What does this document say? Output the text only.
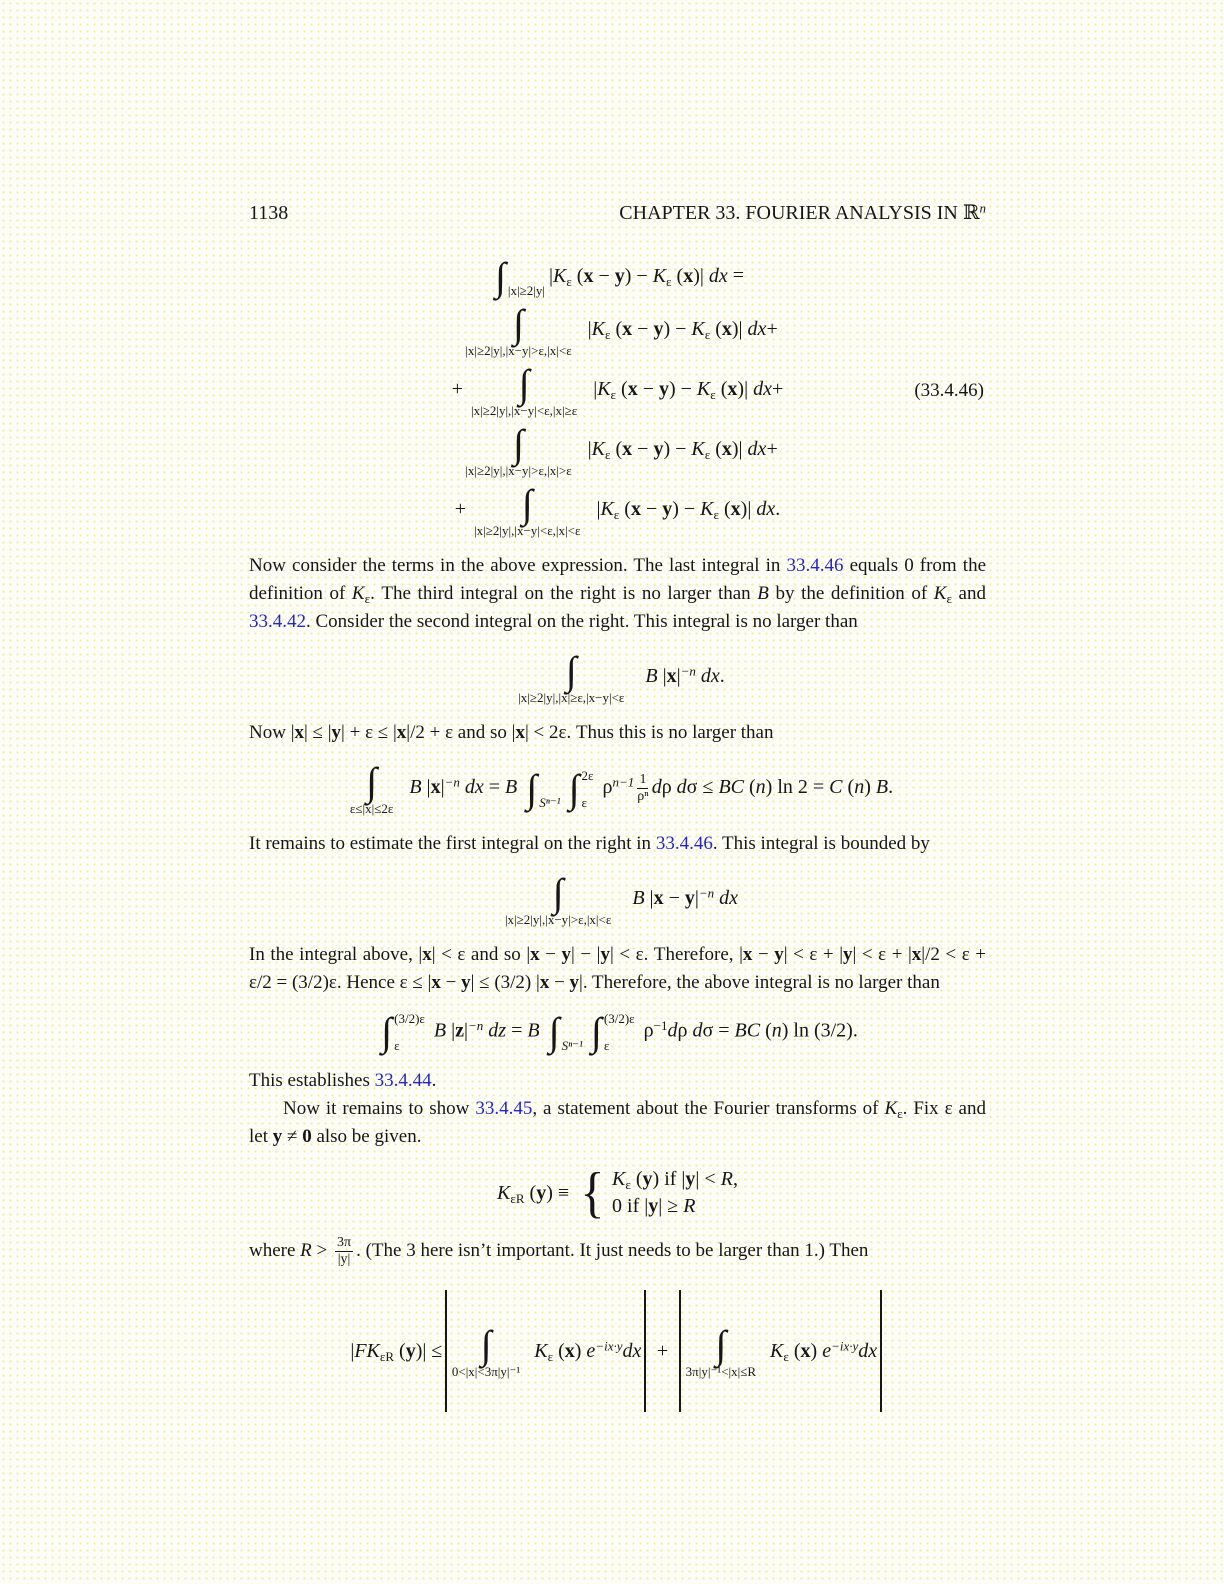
1138	CHAPTER 33. FOURIER ANALYSIS IN ℝ$^n$
∫
|x|≥2|y|
$|K_\varepsilon$ $(x - y) - K_\varepsilon$ (x)| dx =
∫
|x|≥2|y|,|x−y|>ε,|x|<ε
$|K_\varepsilon$ $(x - y) - K_\varepsilon$ (x)| dx+
+ ∫
|x|≥2|y|,|x−y|<ε,|x|≥ε
$|K_\varepsilon$ $(x - y) - K_\varepsilon$ (x)| dx+	(33.4.46)
∫
|x|≥2|y|,|x−y|>ε,|x|>ε
$|K_\varepsilon$ $(x - y) - K_\varepsilon$ (x)| dx+
+ ∫
|x|≥2|y|,|x−y|<ε,|x|<ε
$|K_\varepsilon$ $(x - y) - K_\varepsilon$ (x)| dx.
Now consider the terms in the above expression. The last integral in 33.4.46 equals 0 from the definition of $K_\varepsilon$. The third integral on the right is no larger than B by the definition of $K_\varepsilon$ and 33.4.42. Consider the second integral on the right. This integral is no larger than
∫
|x|≥2|y|,|x|≥ε,|x−y|<ε
B $|x|^{-n}$ dx.
Now |x| ≤ |y| + ε ≤ |x|/2 + ε and so |x| < 2ε. Thus this is no larger than
∫
ε≤|x|≤2ε
B $|x|^{-n}$ dx = B ∫
Sⁿ⁻¹ ∫ 2ε
ε
$\rho^{n-1} \frac{1}{\text{ρⁿ}}$ dρ dσ ≤ BC (n) ln 2 = C (n) B.
It remains to estimate the first integral on the right in 33.4.46. This integral is bounded by
∫
|x|≥2|y|,|x−y|>ε,|x|<ε
B $|x - y|^{-n}$ dx
In the integral above, |x| < ε and so |x − y| − |y| < ε. Therefore, |x − y| < ε + |y| < ε + |x|/2 < ε + ε/2 = (3/2)ε. Hence ε ≤ |x − y| ≤ (3/2) |x − y|. Therefore, the above integral is no larger than
∫ (3/2)ε
ε
B $|z|^{-n}$ dz = B ∫
Sⁿ⁻¹ ∫ (3/2)ε
ε
$\rho^{-1}d\rho$ dσ = BC (n) ln (3/2).
This establishes 33.4.44.
Now it remains to show 33.4.45, a statement about the Fourier transforms of $K_\varepsilon$. Fix ε and let y ≠ 0 also be given.
$K_{\varepsilon R}$ (y) ≡ { $K_\varepsilon$ (y) if |y| < R,
0 if |y| ≥ R
where $R > \frac{3\pi}{|y|}$ . (The 3 here isn’t important. It just needs to be larger than 1.) Then
$|FK_{\varepsilon R}$ (y)| ≤ ∫
0<|x|<3π|y|⁻¹
$K_\varepsilon$ (x) $e^{-ix\cdot y}dx$ + ∫
3π|y|⁻¹<|x|≤R
$K_\varepsilon$ (x) $e^{-ix\cdot y}dx$
